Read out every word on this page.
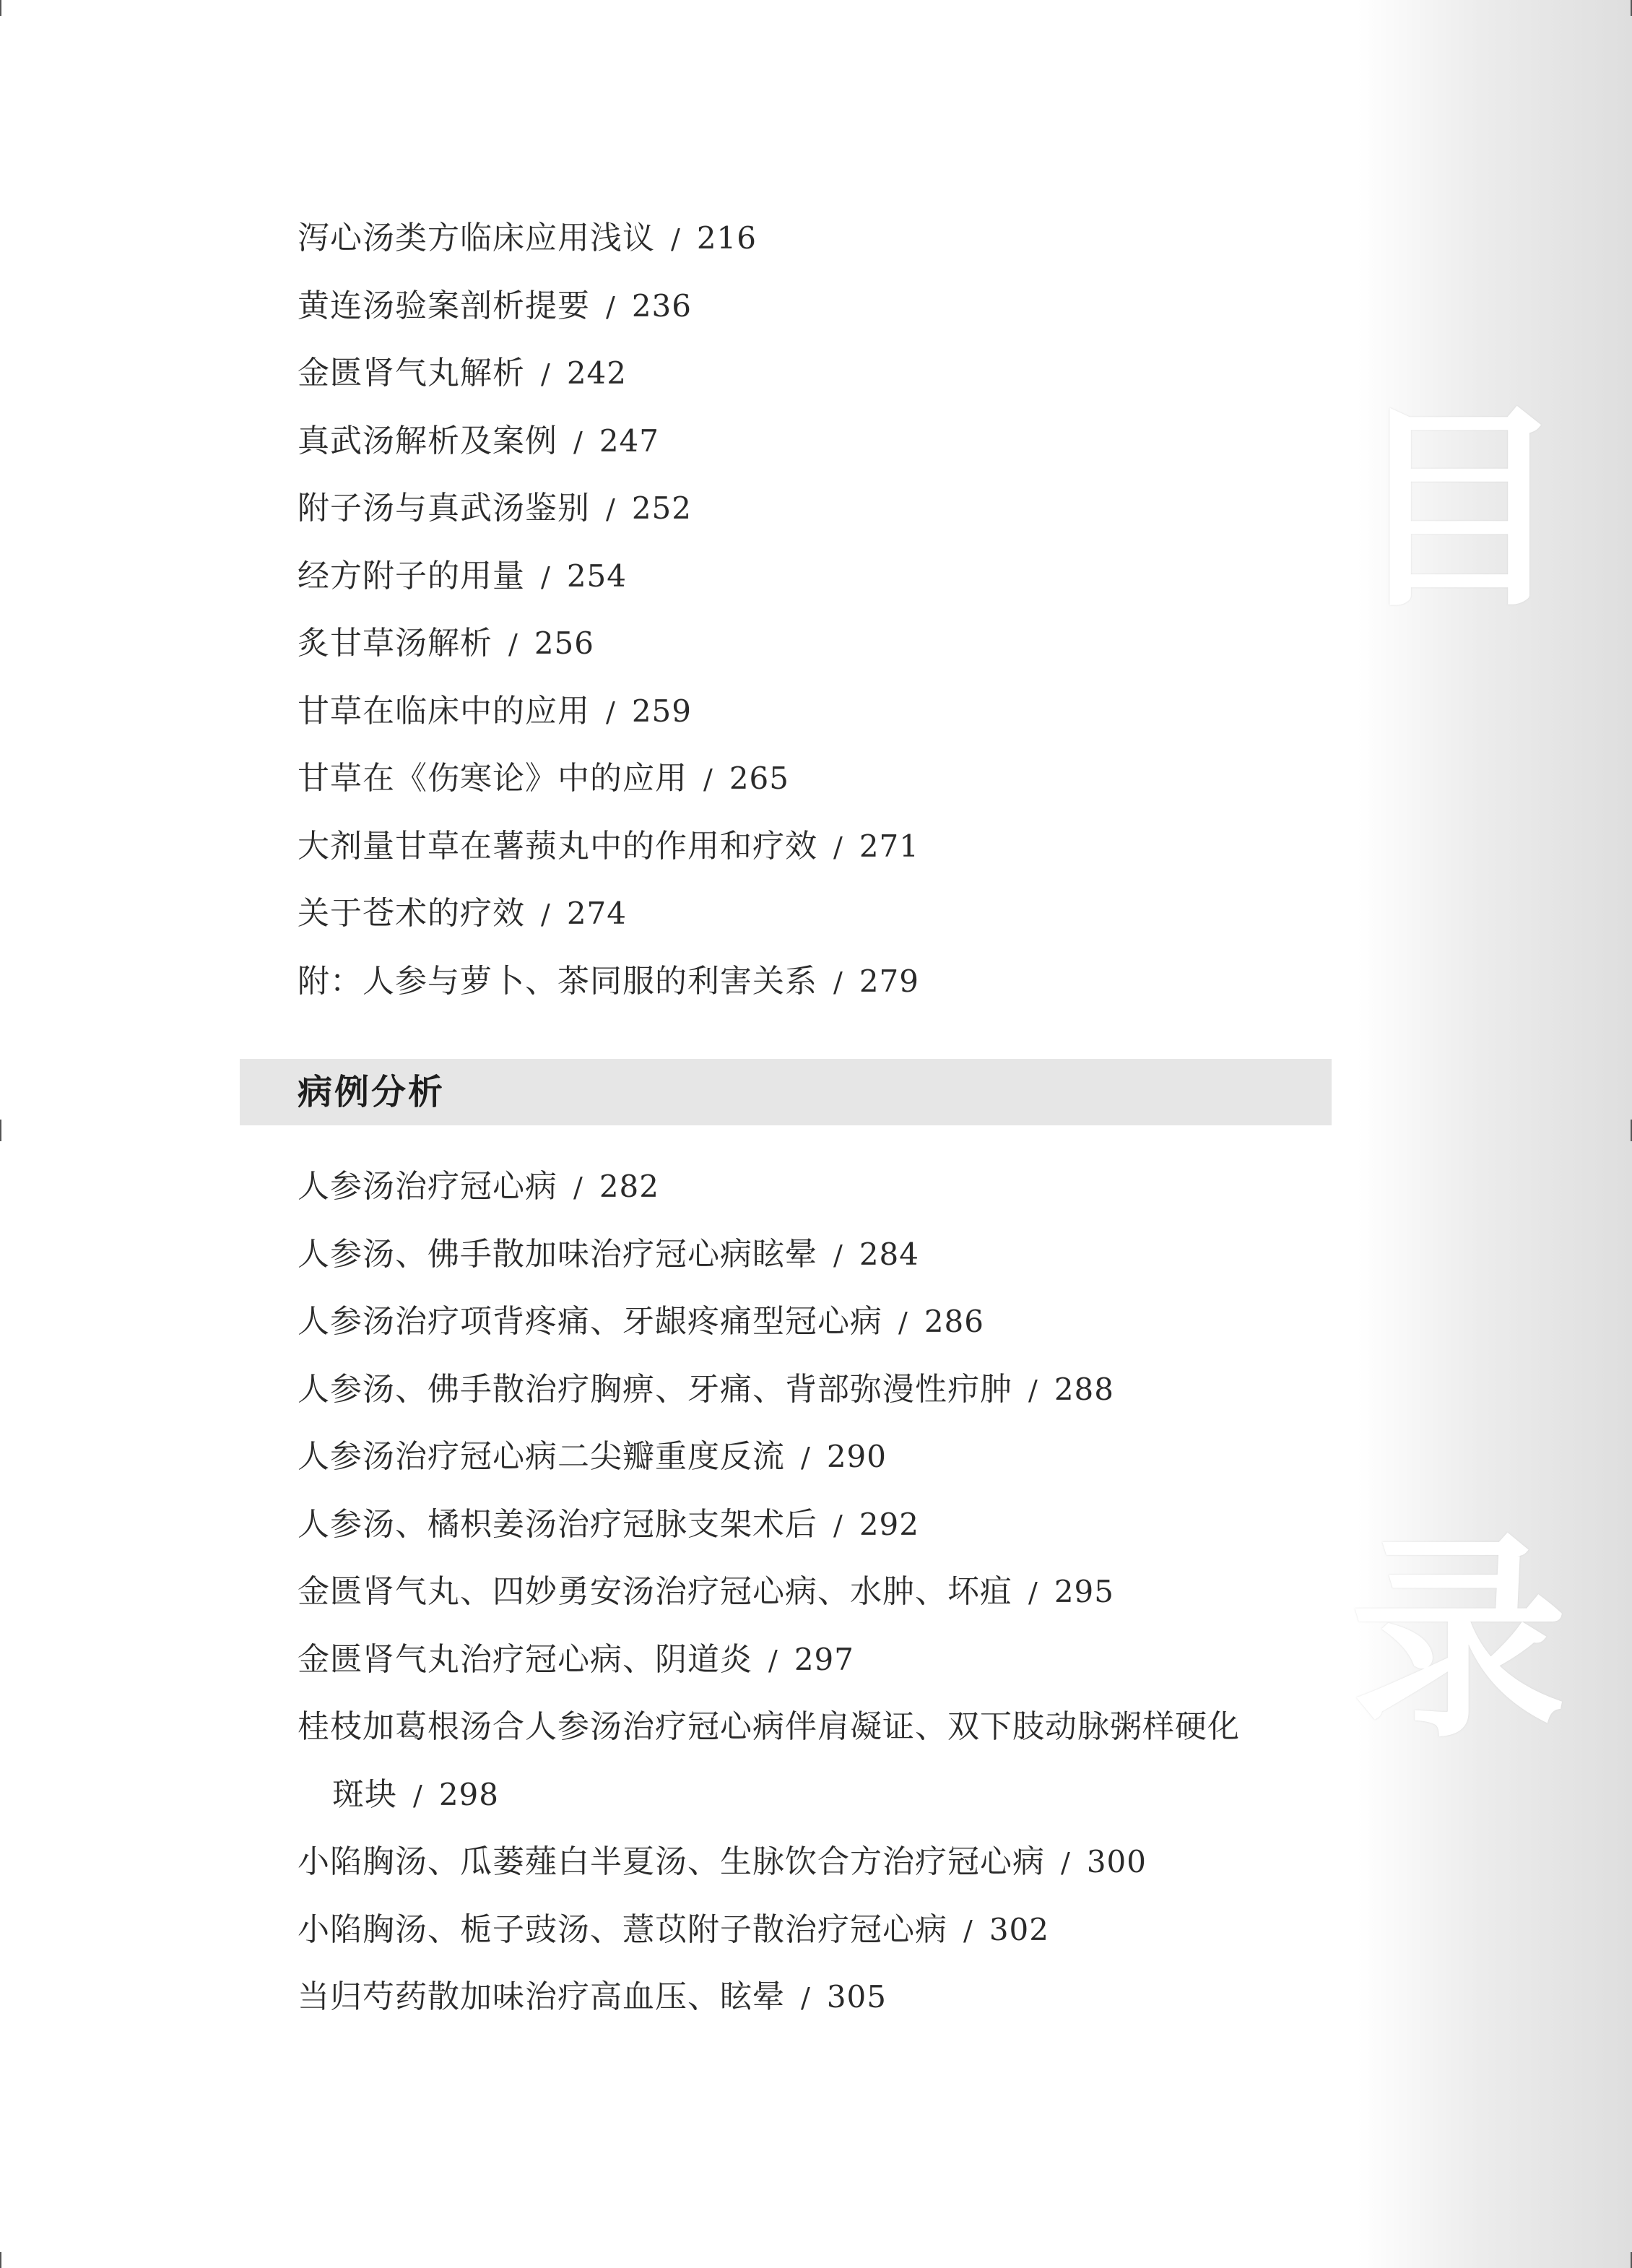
目
录
泻心汤类方临床应用浅议 / 216
黄连汤验案剖析提要 / 236
金匮肾气丸解析 / 242
真武汤解析及案例 / 247
附子汤与真武汤鉴别 / 252
经方附子的用量 / 254
炙甘草汤解析 / 256
甘草在临床中的应用 / 259
甘草在《伤寒论》中的应用 / 265
大剂量甘草在薯蓣丸中的作用和疗效 / 271
关于苍术的疗效 / 274
附：人参与萝卜、茶同服的利害关系 / 279
病例分析
人参汤治疗冠心病 / 282
人参汤、佛手散加味治疗冠心病眩晕 / 284
人参汤治疗项背疼痛、牙龈疼痛型冠心病 / 286
人参汤、佛手散治疗胸痹、牙痛、背部弥漫性疖肿 / 288
人参汤治疗冠心病二尖瓣重度反流 / 290
人参汤、橘枳姜汤治疗冠脉支架术后 / 292
金匮肾气丸、四妙勇安汤治疗冠心病、水肿、坏疽 / 295
金匮肾气丸治疗冠心病、阴道炎 / 297
桂枝加葛根汤合人参汤治疗冠心病伴肩凝证、双下肢动脉粥样硬化
斑块 / 298
小陷胸汤、瓜蒌薤白半夏汤、生脉饮合方治疗冠心病 / 300
小陷胸汤、栀子豉汤、薏苡附子散治疗冠心病 / 302
当归芍药散加味治疗高血压、眩晕 / 305
